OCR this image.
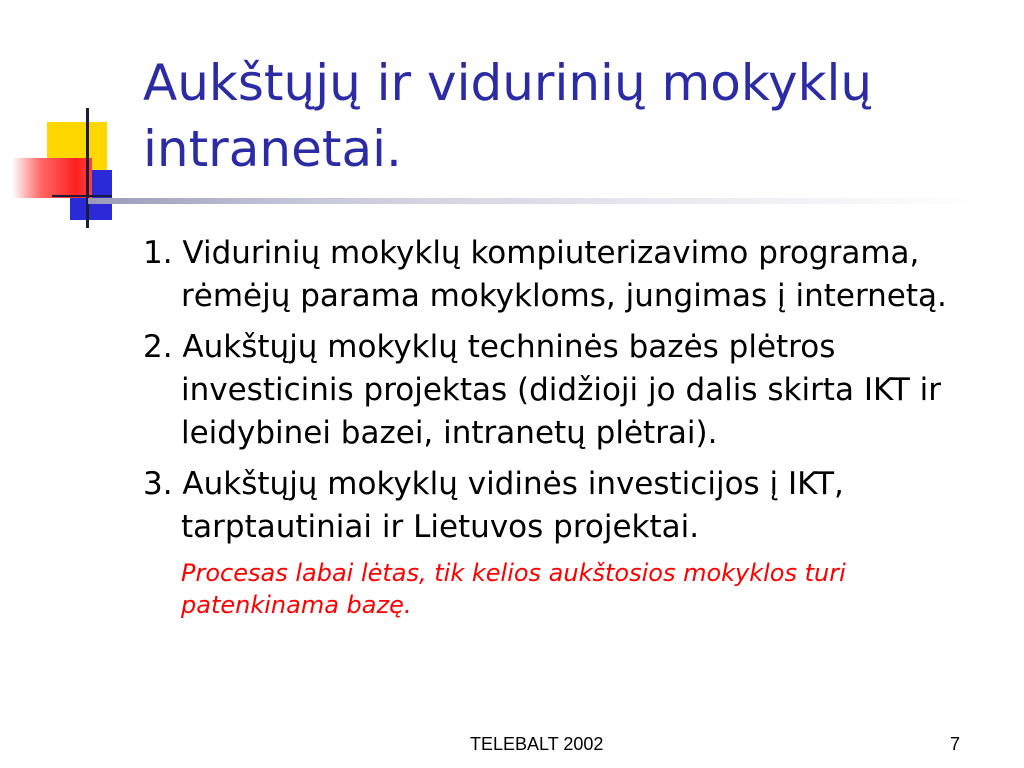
Aukštųjų ir vidurinių mokyklų intranetai.

1. Vidurinių mokyklų kompiuterizavimo programa, rėmėjų parama mokykloms, jungimas į internetą.

2. Aukštųjų mokyklų techninės bazės plėtros investicinis projektas (didžioji jo dalis skirta IKT ir leidybinei bazei, intranetų plėtrai).

3. Aukštųjų mokyklų vidinės investicijos į IKT, tarptautiniai ir Lietuvos projektai.

Procesas labai lėtas, tik kelios aukštosios mokyklos turi patenkinama bazę.

TELEBALT 2002	7
